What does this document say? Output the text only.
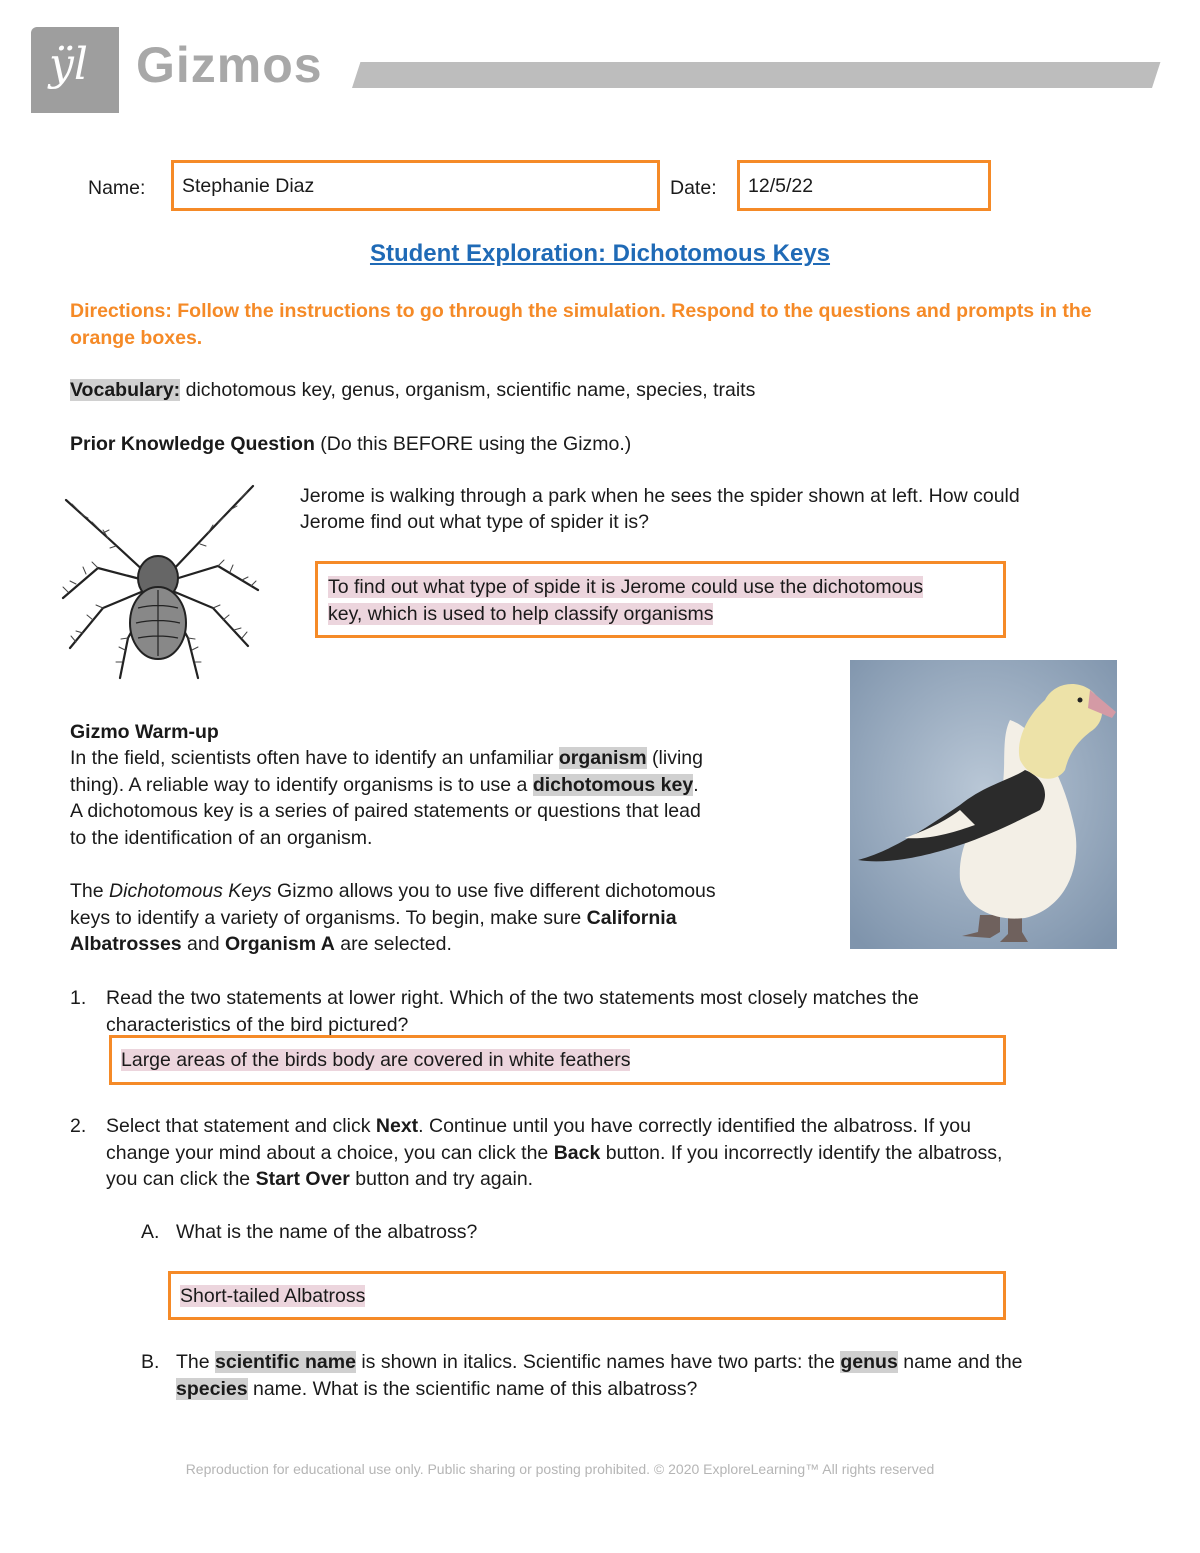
ÿl Gizmos
Name:	Stephanie Diaz	Date:	12/5/22
Student Exploration: Dichotomous Keys
Directions: Follow the instructions to go through the simulation. Respond to the questions and prompts in the orange boxes.
Vocabulary: dichotomous key, genus, organism, scientific name, species, traits
Prior Knowledge Question (Do this BEFORE using the Gizmo.)
Jerome is walking through a park when he sees the spider shown at left. How could
Jerome find out what type of spider it is?
To find out what type of spide it is Jerome could use the dichotomous
key, which is used to help classify organisms
Gizmo Warm-up
In the field, scientists often have to identify an unfamiliar organism (living
thing). A reliable way to identify organisms is to use a dichotomous key.
A dichotomous key is a series of paired statements or questions that lead
to the identification of an organism.
The Dichotomous Keys Gizmo allows you to use five different dichotomous
keys to identify a variety of organisms. To begin, make sure California
Albatrosses and Organism A are selected.
1. Read the two statements at lower right. Which of the two statements most closely matches the
characteristics of the bird pictured?
Large areas of the birds body are covered in white feathers
2. Select that statement and click Next. Continue until you have correctly identified the albatross. If you
change your mind about a choice, you can click the Back button. If you incorrectly identify the albatross,
you can click the Start Over button and try again.
A. What is the name of the albatross?
Short-tailed Albatross
B. The scientific name is shown in italics. Scientific names have two parts: the genus name and the
species name. What is the scientific name of this albatross?
Reproduction for educational use only. Public sharing or posting prohibited. © 2020 ExploreLearning™ All rights reserved
